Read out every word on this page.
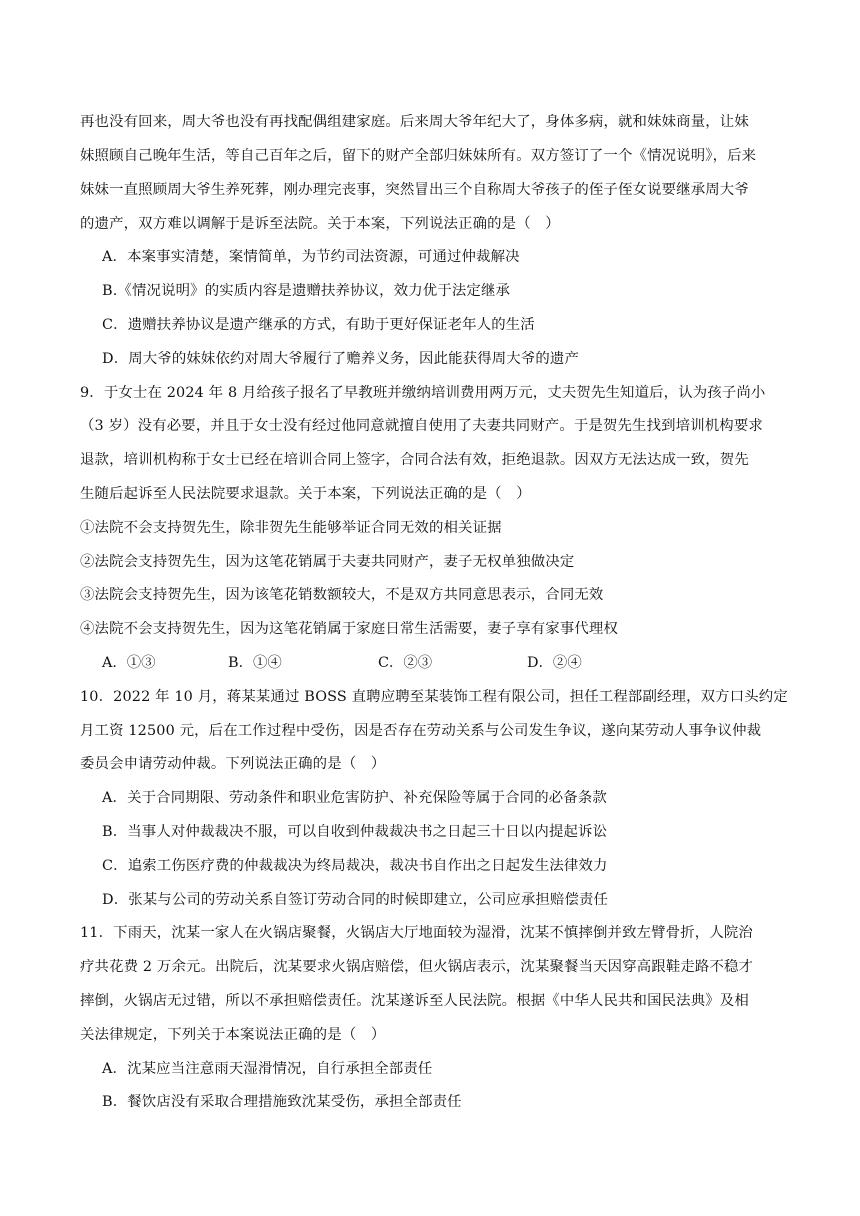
再也没有回来，周大爷也没有再找配偶组建家庭。后来周大爷年纪大了，身体多病，就和妹妹商量，让妹
妹照顾自己晚年生活，等自己百年之后，留下的财产全部归妹妹所有。双方签订了一个《情况说明》，后来
妹妹一直照顾周大爷生养死葬，刚办理完丧事，突然冒出三个自称周大爷孩子的侄子侄女说要继承周大爷
的遗产，双方难以调解于是诉至法院。关于本案，下列说法正确的是（　）
A．本案事实清楚，案情简单，为节约司法资源，可通过仲裁解决
B.《情况说明》的实质内容是遗赠扶养协议，效力优于法定继承
C．遗赠扶养协议是遗产继承的方式，有助于更好保证老年人的生活
D．周大爷的妹妹依约对周大爷履行了赡养义务，因此能获得周大爷的遗产
9．于女士在 2024 年 8 月给孩子报名了早教班并缴纳培训费用两万元，丈夫贺先生知道后，认为孩子尚小
（3 岁）没有必要，并且于女士没有经过他同意就擅自使用了夫妻共同财产。于是贺先生找到培训机构要求
退款，培训机构称于女士已经在培训合同上签字，合同合法有效，拒绝退款。因双方无法达成一致，贺先
生随后起诉至人民法院要求退款。关于本案，下列说法正确的是（　）
①法院不会支持贺先生，除非贺先生能够举证合同无效的相关证据
②法院会支持贺先生，因为这笔花销属于夫妻共同财产，妻子无权单独做决定
③法院会支持贺先生，因为该笔花销数额较大，不是双方共同意思表示，合同无效
④法院不会支持贺先生，因为这笔花销属于家庭日常生活需要，妻子享有家事代理权
A．①③	B．①④	C．②③	D．②④
10．2022 年 10 月，蒋某某通过 BOSS 直聘应聘至某装饰工程有限公司，担任工程部副经理，双方口头约定
月工资 12500 元，后在工作过程中受伤，因是否存在劳动关系与公司发生争议，遂向某劳动人事争议仲裁
委员会申请劳动仲裁。下列说法正确的是（　）
A．关于合同期限、劳动条件和职业危害防护、补充保险等属于合同的必备条款
B．当事人对仲裁裁决不服，可以自收到仲裁裁决书之日起三十日以内提起诉讼
C．追索工伤医疗费的仲裁裁决为终局裁决，裁决书自作出之日起发生法律效力
D．张某与公司的劳动关系自签订劳动合同的时候即建立，公司应承担赔偿责任
11．下雨天，沈某一家人在火锅店聚餐，火锅店大厅地面较为湿滑，沈某不慎摔倒并致左臂骨折，人院治
疗共花费 2 万余元。出院后，沈某要求火锅店赔偿，但火锅店表示，沈某聚餐当天因穿高跟鞋走路不稳才
摔倒，火锅店无过错，所以不承担赔偿责任。沈某遂诉至人民法院。根据《中华人民共和国民法典》及相
关法律规定，下列关于本案说法正确的是（　）
A．沈某应当注意雨天湿滑情况，自行承担全部责任
B．餐饮店没有采取合理措施致沈某受伤，承担全部责任
